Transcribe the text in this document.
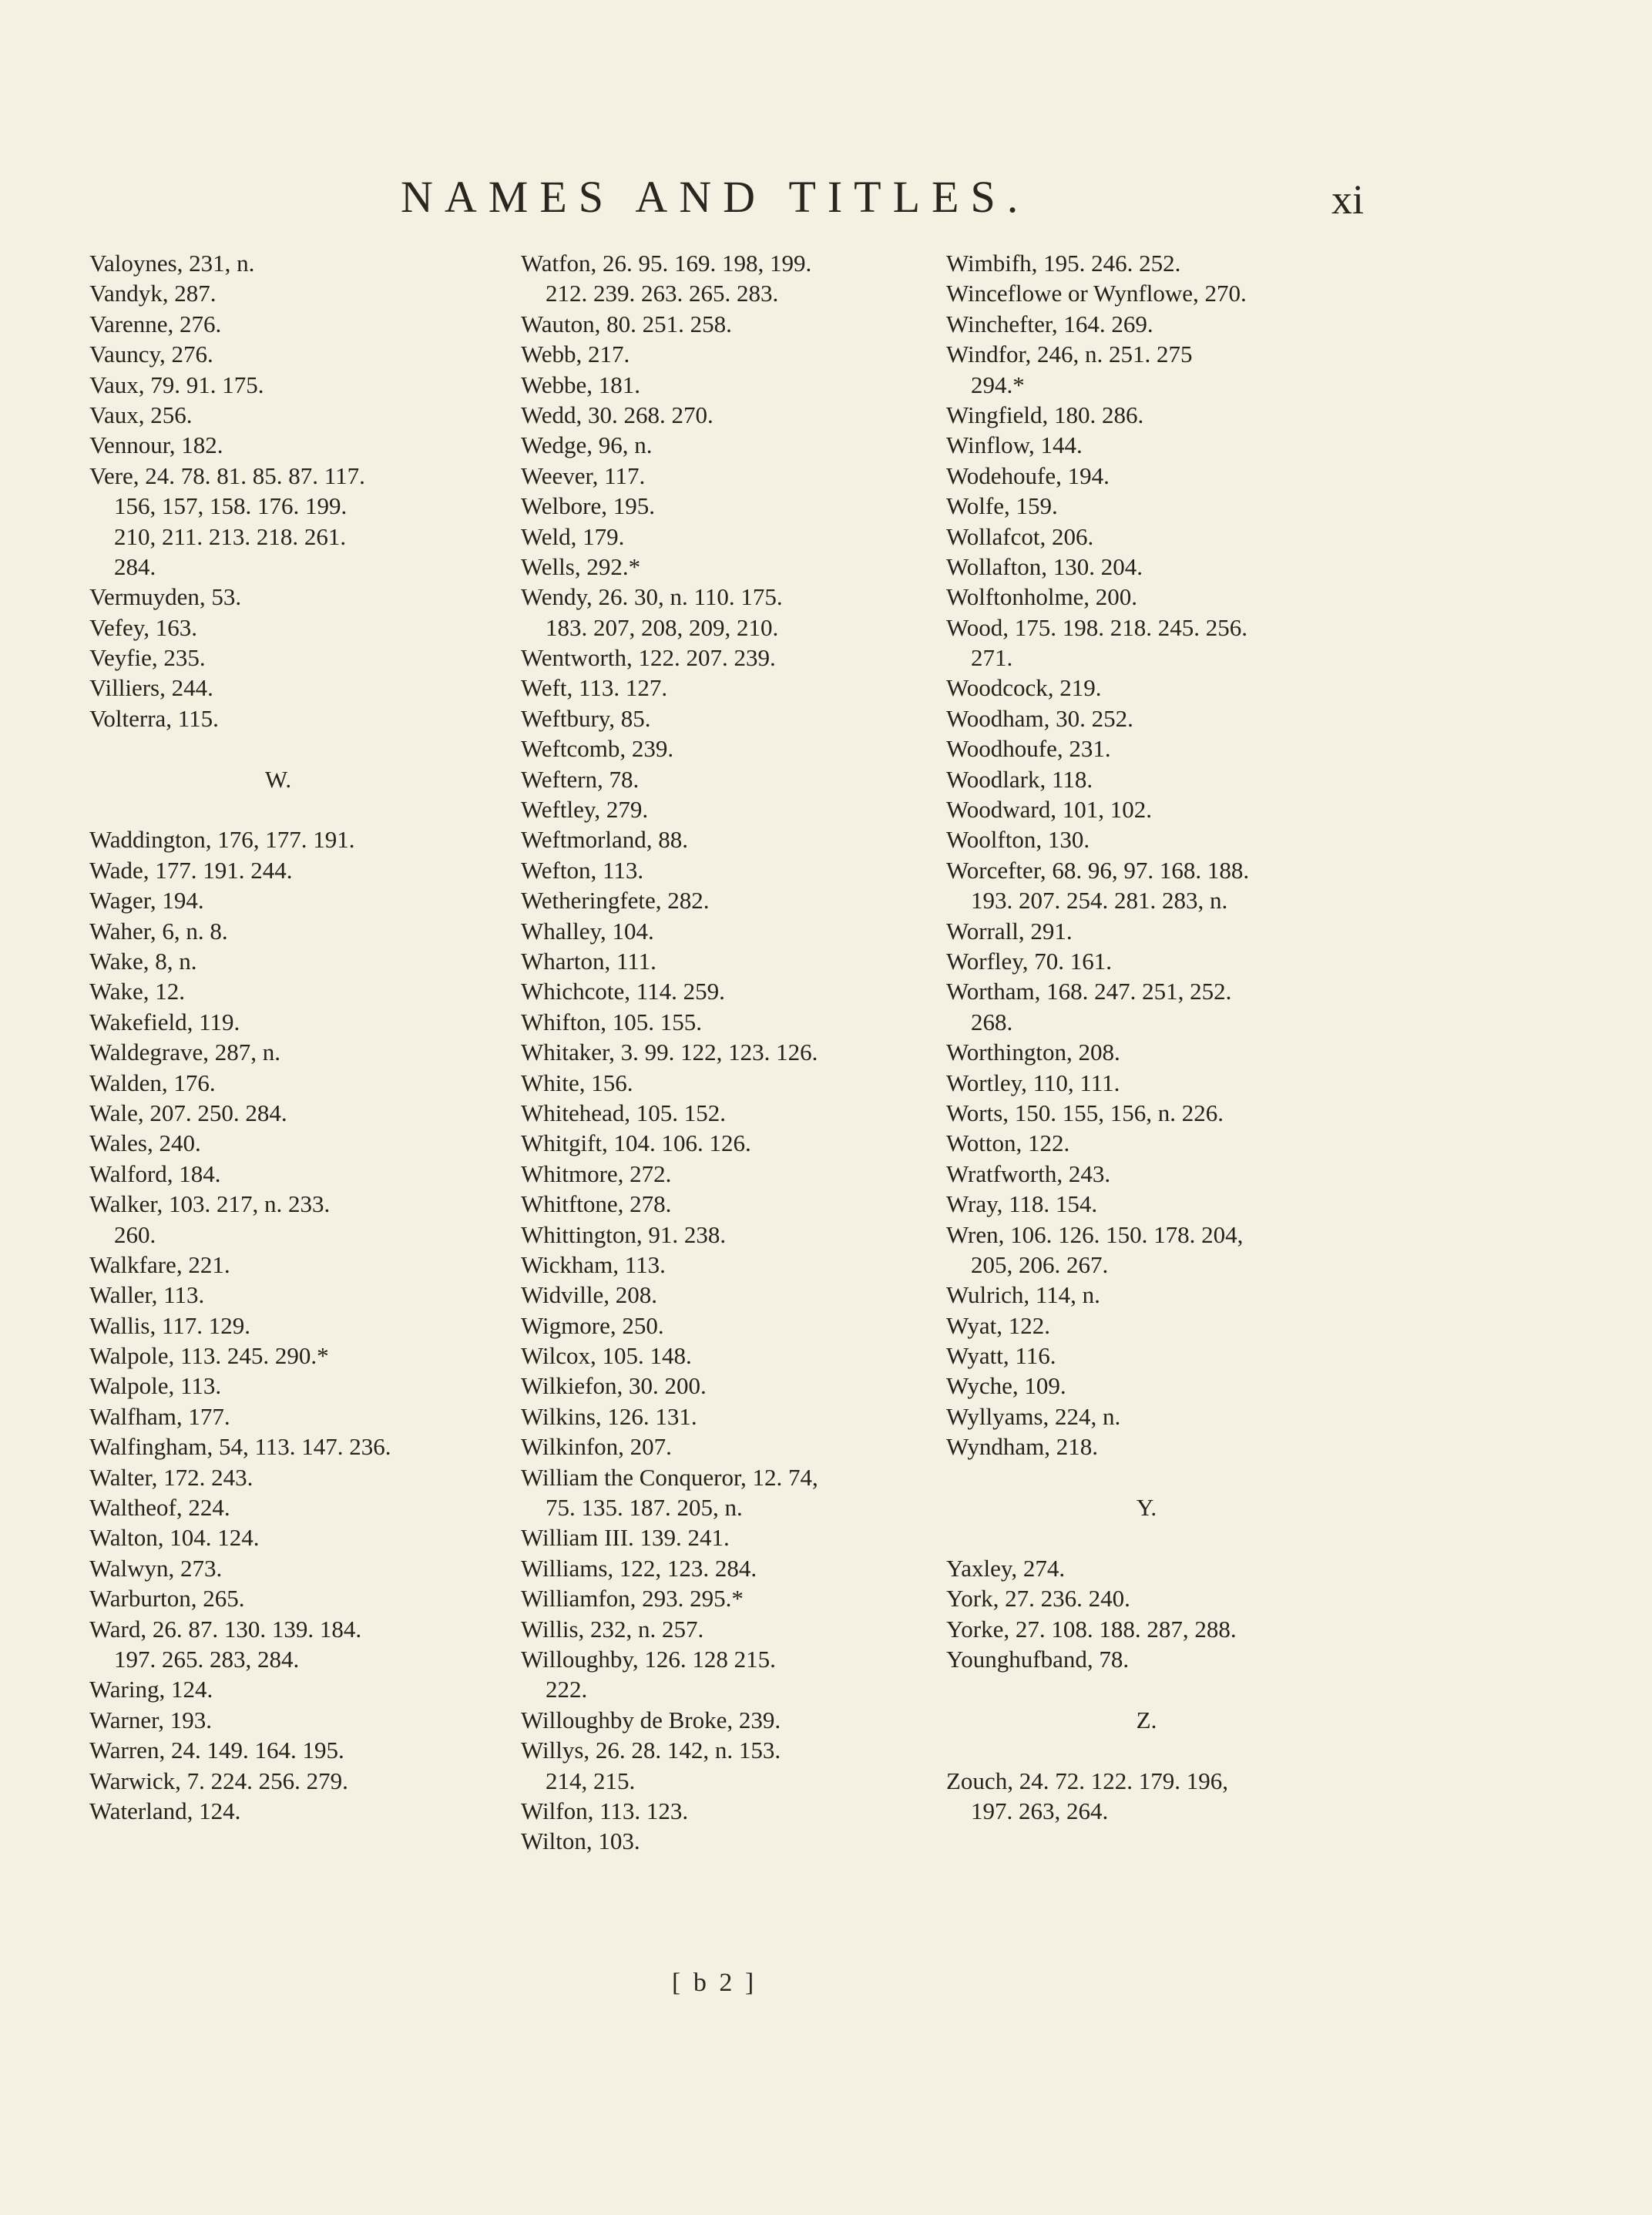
NAMES AND TITLES.	xi
Valoynes, 231, n.
Vandyk, 287.
Varenne, 276.
Vauncy, 276.
Vaux, 79. 91. 175.
Vaux, 256.
Vennour, 182.
Vere, 24. 78. 81. 85. 87. 117.
156, 157, 158. 176. 199.
210, 211. 213. 218. 261.
284.
Vermuyden, 53.
Vefey, 163.
Veyfie, 235.
Villiers, 244.
Volterra, 115.
W.
Waddington, 176, 177. 191.
Wade, 177. 191. 244.
Wager, 194.
Waher, 6, n. 8.
Wake, 8, n.
Wake, 12.
Wakefield, 119.
Waldegrave, 287, n.
Walden, 176.
Wale, 207. 250. 284.
Wales, 240.
Walford, 184.
Walker, 103. 217, n. 233.
260.
Walkfare, 221.
Waller, 113.
Wallis, 117. 129.
Walpole, 113. 245. 290.*
Walpole, 113.
Walfham, 177.
Walfingham, 54, 113. 147. 236.
Walter, 172. 243.
Waltheof, 224.
Walton, 104. 124.
Walwyn, 273.
Warburton, 265.
Ward, 26. 87. 130. 139. 184.
197. 265. 283, 284.
Waring, 124.
Warner, 193.
Warren, 24. 149. 164. 195.
Warwick, 7. 224. 256. 279.
Waterland, 124.
Watfon, 26. 95. 169. 198, 199.
212. 239. 263. 265. 283.
Wauton, 80. 251. 258.
Webb, 217.
Webbe, 181.
Wedd, 30. 268. 270.
Wedge, 96, n.
Weever, 117.
Welbore, 195.
Weld, 179.
Wells, 292.*
Wendy, 26. 30, n. 110. 175.
183. 207, 208, 209, 210.
Wentworth, 122. 207. 239.
Weft, 113. 127.
Weftbury, 85.
Weftcomb, 239.
Weftern, 78.
Weftley, 279.
Weftmorland, 88.
Wefton, 113.
Wetheringfete, 282.
Whalley, 104.
Wharton, 111.
Whichcote, 114. 259.
Whifton, 105. 155.
Whitaker, 3. 99. 122, 123. 126.
White, 156.
Whitehead, 105. 152.
Whitgift, 104. 106. 126.
Whitmore, 272.
Whitftone, 278.
Whittington, 91. 238.
Wickham, 113.
Widville, 208.
Wigmore, 250.
Wilcox, 105. 148.
Wilkiefon, 30. 200.
Wilkins, 126. 131.
Wilkinfon, 207.
William the Conqueror, 12. 74,
75. 135. 187. 205, n.
William III. 139. 241.
Williams, 122, 123. 284.
Williamfon, 293. 295.*
Willis, 232, n. 257.
Willoughby, 126. 128 215.
222.
Willoughby de Broke, 239.
Willys, 26. 28. 142, n. 153.
214, 215.
Wilfon, 113. 123.
Wilton, 103.
Wimbifh, 195. 246. 252.
Winceflowe or Wynflowe, 270.
Winchefter, 164. 269.
Windfor, 246, n. 251. 275
294.*
Wingfield, 180. 286.
Winflow, 144.
Wodehoufe, 194.
Wolfe, 159.
Wollafcot, 206.
Wollafton, 130. 204.
Wolftonholme, 200.
Wood, 175. 198. 218. 245. 256.
271.
Woodcock, 219.
Woodham, 30. 252.
Woodhoufe, 231.
Woodlark, 118.
Woodward, 101, 102.
Woolfton, 130.
Worcefter, 68. 96, 97. 168. 188.
193. 207. 254. 281. 283, n.
Worrall, 291.
Worfley, 70. 161.
Wortham, 168. 247. 251, 252.
268.
Worthington, 208.
Wortley, 110, 111.
Worts, 150. 155, 156, n. 226.
Wotton, 122.
Wratfworth, 243.
Wray, 118. 154.
Wren, 106. 126. 150. 178. 204,
205, 206. 267.
Wulrich, 114, n.
Wyat, 122.
Wyatt, 116.
Wyche, 109.
Wyllyams, 224, n.
Wyndham, 218.
Y.
Yaxley, 274.
York, 27. 236. 240.
Yorke, 27. 108. 188. 287, 288.
Younghufband, 78.
Z.
Zouch, 24. 72. 122. 179. 196,
197. 263, 264.
[ b 2 ]
